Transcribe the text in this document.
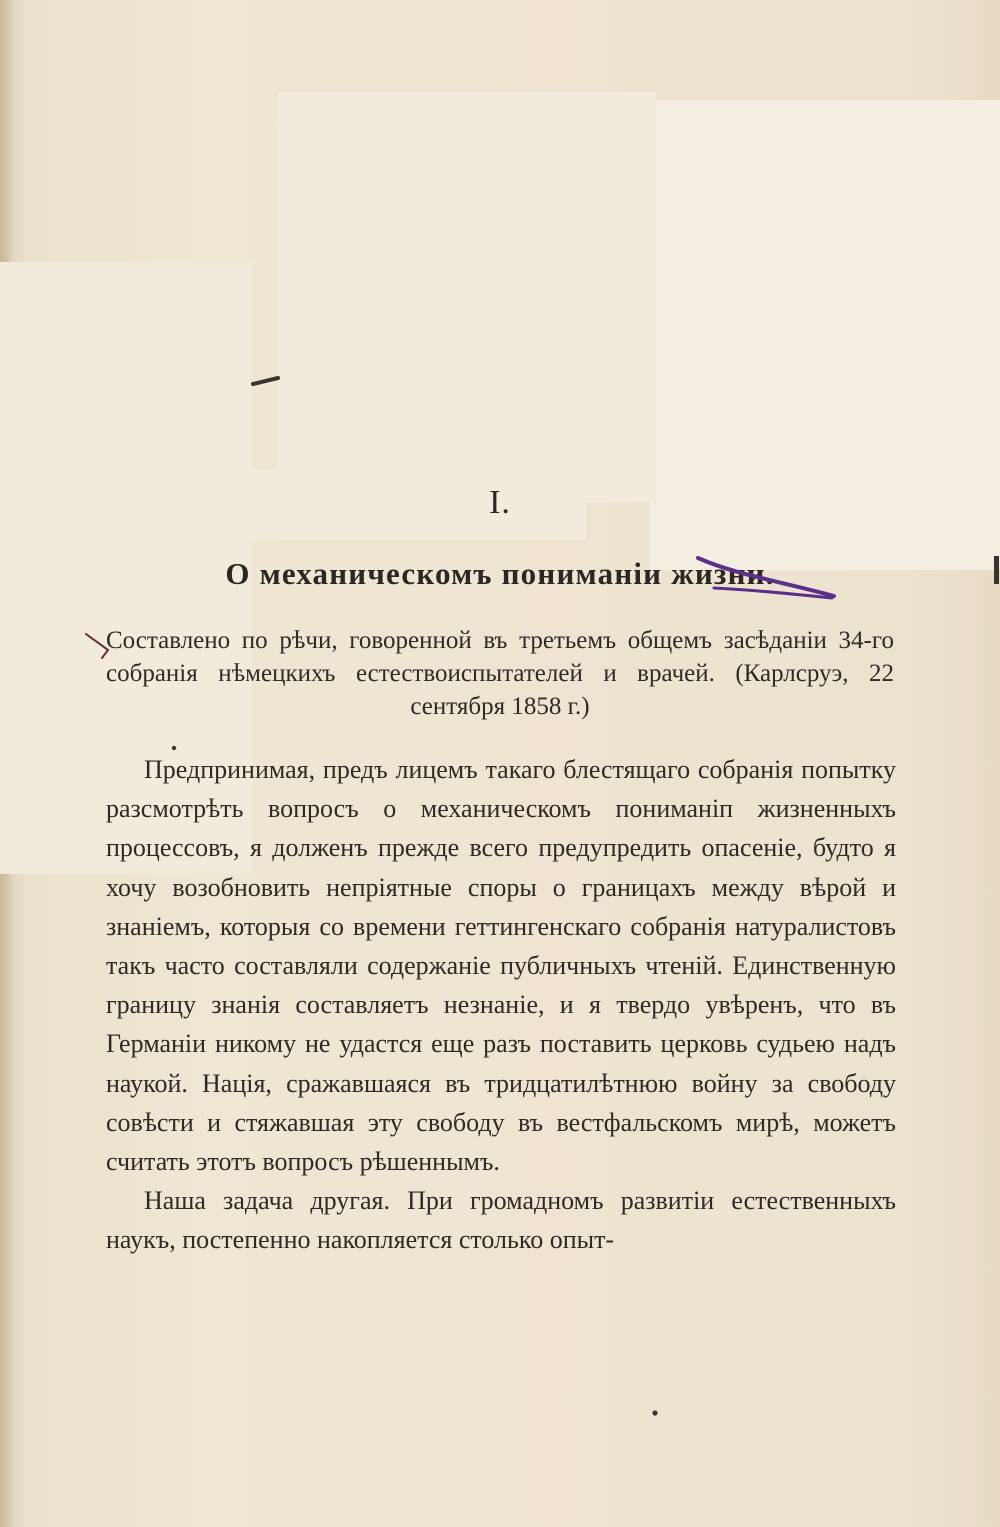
I.
О механическомъ пониманіи жизни.
Составлено по рѣчи, говоренной въ третьемъ общемъ засѣданіи 34-го собранія нѣмецкихъ естествоиспытателей и врачей. (Карлсруэ, 22 сентября 1858 г.)

Предпринимая, предъ лицемъ такаго блестящаго собранія попытку разсмотрѣть вопросъ о механическомъ пониманіп жизненныхъ процессовъ, я долженъ прежде всего предупредить опасеніе, будто я хочу возобновить непріятные споры о границахъ между вѣрой и знаніемъ, которыя со времени геттингенскаго собранія натуралистовъ такъ часто составляли содержаніе публичныхъ чтеній. Единственную границу знанія составляетъ незнаніе, и я твердо увѣренъ, что въ Германіи никому не удастся еще разъ поставить церковь судьею надъ наукой. Нація, сражавшаяся въ тридцатилѣтнюю войну за свободу совѣсти и стяжавшая эту свободу въ вестфальскомъ мирѣ, можетъ считать этотъ вопросъ рѣшеннымъ.

Наша задача другая. При громадномъ развитіи естественныхъ наукъ, постепенно накопляется столько опыт-
